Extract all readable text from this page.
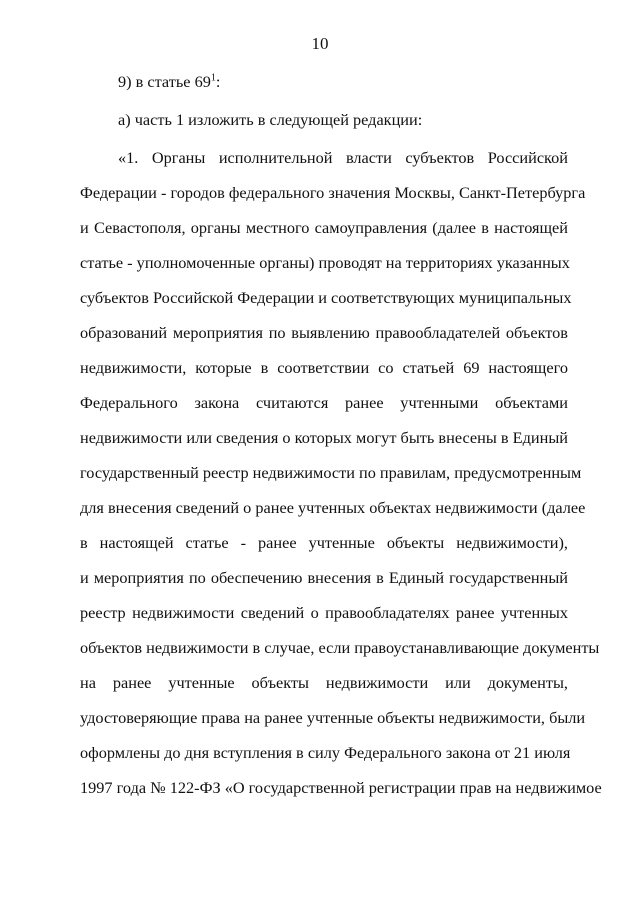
10
9) в статье $69^1$:
а) часть 1 изложить в следующей редакции:
«1. Органы исполнительной власти субъектов Российской
Федерации - городов федерального значения Москвы, Санкт-Петербурга
и Севастополя, органы местного самоуправления (далее в настоящей
статье - уполномоченные органы) проводят на территориях указанных
субъектов Российской Федерации и соответствующих муниципальных
образований мероприятия по выявлению правообладателей объектов
недвижимости, которые в соответствии со статьей 69 настоящего
Федерального закона считаются ранее учтенными объектами
недвижимости или сведения о которых могут быть внесены в Единый
государственный реестр недвижимости по правилам, предусмотренным
для внесения сведений о ранее учтенных объектах недвижимости (далее
в настоящей статье - ранее учтенные объекты недвижимости),
и мероприятия по обеспечению внесения в Единый государственный
реестр недвижимости сведений о правообладателях ранее учтенных
объектов недвижимости в случае, если правоустанавливающие документы
на ранее учтенные объекты недвижимости или документы,
удостоверяющие права на ранее учтенные объекты недвижимости, были
оформлены до дня вступления в силу Федерального закона от 21 июля
1997 года № 122-ФЗ «О государственной регистрации прав на недвижимое
